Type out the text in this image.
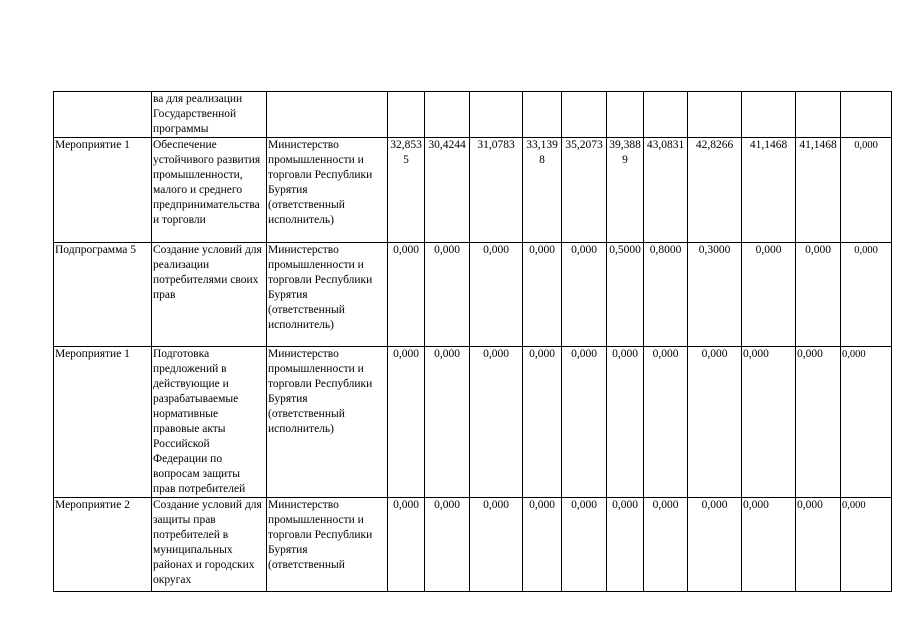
	ва для реализации Государственной программы												
Мероприятие 1	Обеспечение устойчивого развития промышленности, малого и среднего предпринимательства и торговли	Министерство промышленности и торговли Республики Бурятия (ответственный исполнитель)	32,8535	30,4244	31,0783	33,1398	35,2073	39,3889	43,0831	42,8266	41,1468	41,1468	0,000
Подпрограмма 5	Создание условий для реализации потребителями своих прав	Министерство промышленности и торговли Республики Бурятия (ответственный исполнитель)	0,000	0,000	0,000	0,000	0,000	0,5000	0,8000	0,3000	0,000	0,000	0,000
Мероприятие 1	Подготовка предложений в действующие и разрабатываемые нормативные правовые акты Российской Федерации по вопросам защиты прав потребителей	Министерство промышленности и торговли Республики Бурятия (ответственный исполнитель)	0,000	0,000	0,000	0,000	0,000	0,000	0,000	0,000	0,000	0,000	0,000
Мероприятие 2	Создание условий для защиты прав потребителей в муниципальных районах и городских округах	Министерство промышленности и торговли Республики Бурятия (ответственный	0,000	0,000	0,000	0,000	0,000	0,000	0,000	0,000	0,000	0,000	0,000
